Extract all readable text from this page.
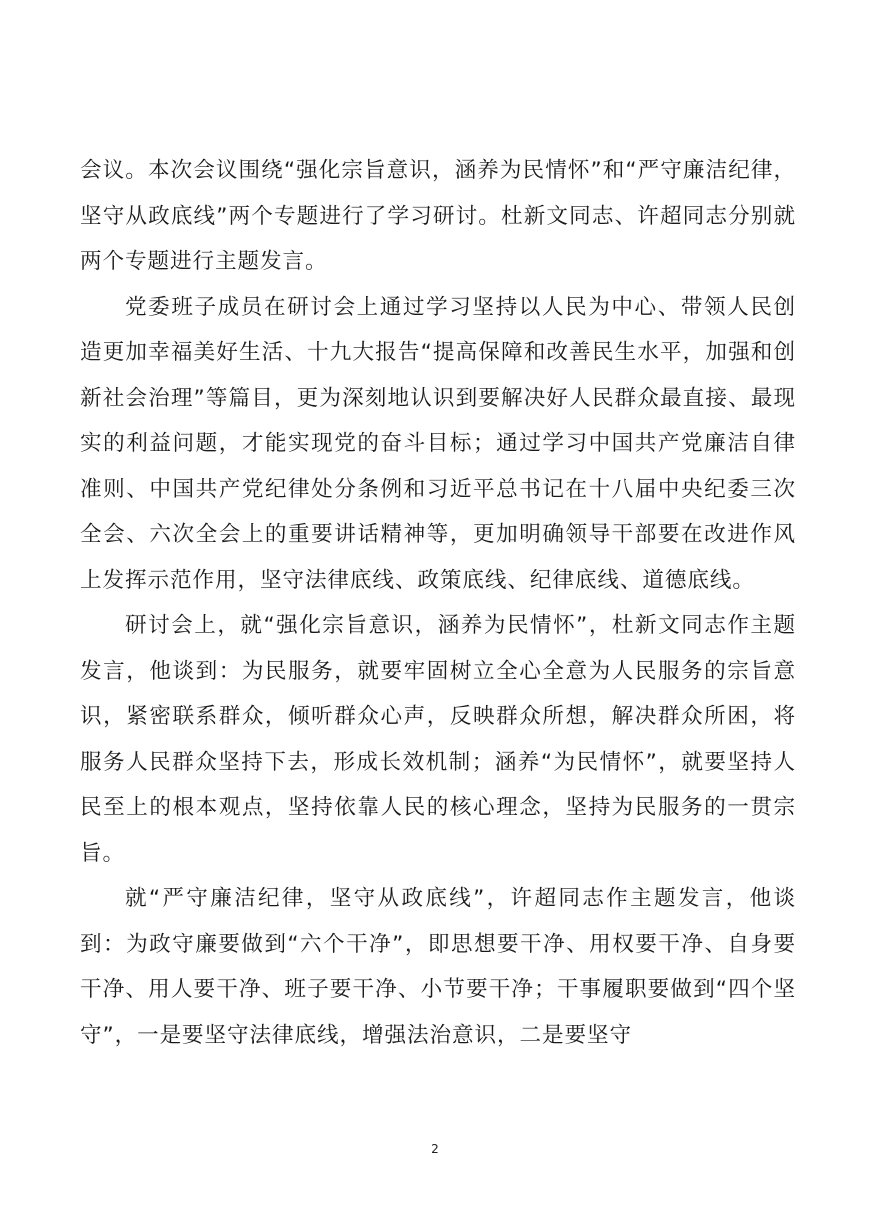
会议。本次会议围绕“强化宗旨意识，涵养为民情怀”和“严守廉洁纪律，坚守从政底线”两个专题进行了学习研讨。杜新文同志、许超同志分别就两个专题进行主题发言。

党委班子成员在研讨会上通过学习坚持以人民为中心、带领人民创造更加幸福美好生活、十九大报告“提高保障和改善民生水平，加强和创新社会治理”等篇目，更为深刻地认识到要解决好人民群众最直接、最现实的利益问题，才能实现党的奋斗目标；通过学习中国共产党廉洁自律准则、中国共产党纪律处分条例和习近平总书记在十八届中央纪委三次全会、六次全会上的重要讲话精神等，更加明确领导干部要在改进作风上发挥示范作用，坚守法律底线、政策底线、纪律底线、道德底线。

研讨会上，就“强化宗旨意识，涵养为民情怀”，杜新文同志作主题发言，他谈到：为民服务，就要牢固树立全心全意为人民服务的宗旨意识，紧密联系群众，倾听群众心声，反映群众所想，解决群众所困，将服务人民群众坚持下去，形成长效机制；涵养“为民情怀”，就要坚持人民至上的根本观点，坚持依靠人民的核心理念，坚持为民服务的一贯宗旨。

就“严守廉洁纪律，坚守从政底线”，许超同志作主题发言，他谈到：为政守廉要做到“六个干净”，即思想要干净、用权要干净、自身要干净、用人要干净、班子要干净、小节要干净；干事履职要做到“四个坚守”，一是要坚守法律底线，增强法治意识，二是要坚守

2
